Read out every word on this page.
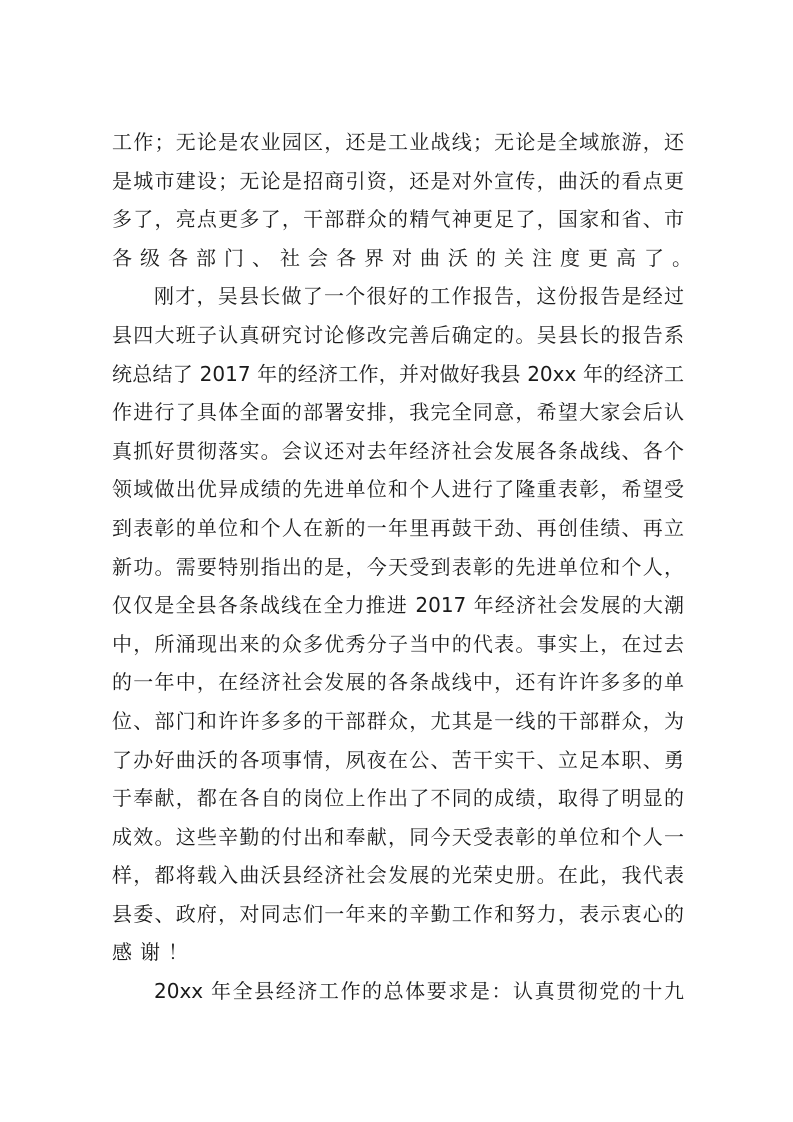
工作；无论是农业园区，还是工业战线；无论是全域旅游，还
是城市建设；无论是招商引资，还是对外宣传，曲沃的看点更
多了，亮点更多了，干部群众的精气神更足了，国家和省、市
各级各部门、社会各界对曲沃的关注度更高了。
刚才，吴县长做了一个很好的工作报告，这份报告是经过
县四大班子认真研究讨论修改完善后确定的。吴县长的报告系
统总结了 2017 年的经济工作，并对做好我县 20xx 年的经济工
作进行了具体全面的部署安排，我完全同意，希望大家会后认
真抓好贯彻落实。会议还对去年经济社会发展各条战线、各个
领域做出优异成绩的先进单位和个人进行了隆重表彰，希望受
到表彰的单位和个人在新的一年里再鼓干劲、再创佳绩、再立
新功。需要特别指出的是，今天受到表彰的先进单位和个人，
仅仅是全县各条战线在全力推进 2017 年经济社会发展的大潮
中，所涌现出来的众多优秀分子当中的代表。事实上，在过去
的一年中，在经济社会发展的各条战线中，还有许许多多的单
位、部门和许许多多的干部群众，尤其是一线的干部群众，为
了办好曲沃的各项事情，夙夜在公、苦干实干、立足本职、勇
于奉献，都在各自的岗位上作出了不同的成绩，取得了明显的
成效。这些辛勤的付出和奉献，同今天受表彰的单位和个人一
样，都将载入曲沃县经济社会发展的光荣史册。在此，我代表
县委、政府，对同志们一年来的辛勤工作和努力，表示衷心的
感谢！
20xx 年全县经济工作的总体要求是：认真贯彻党的十九
